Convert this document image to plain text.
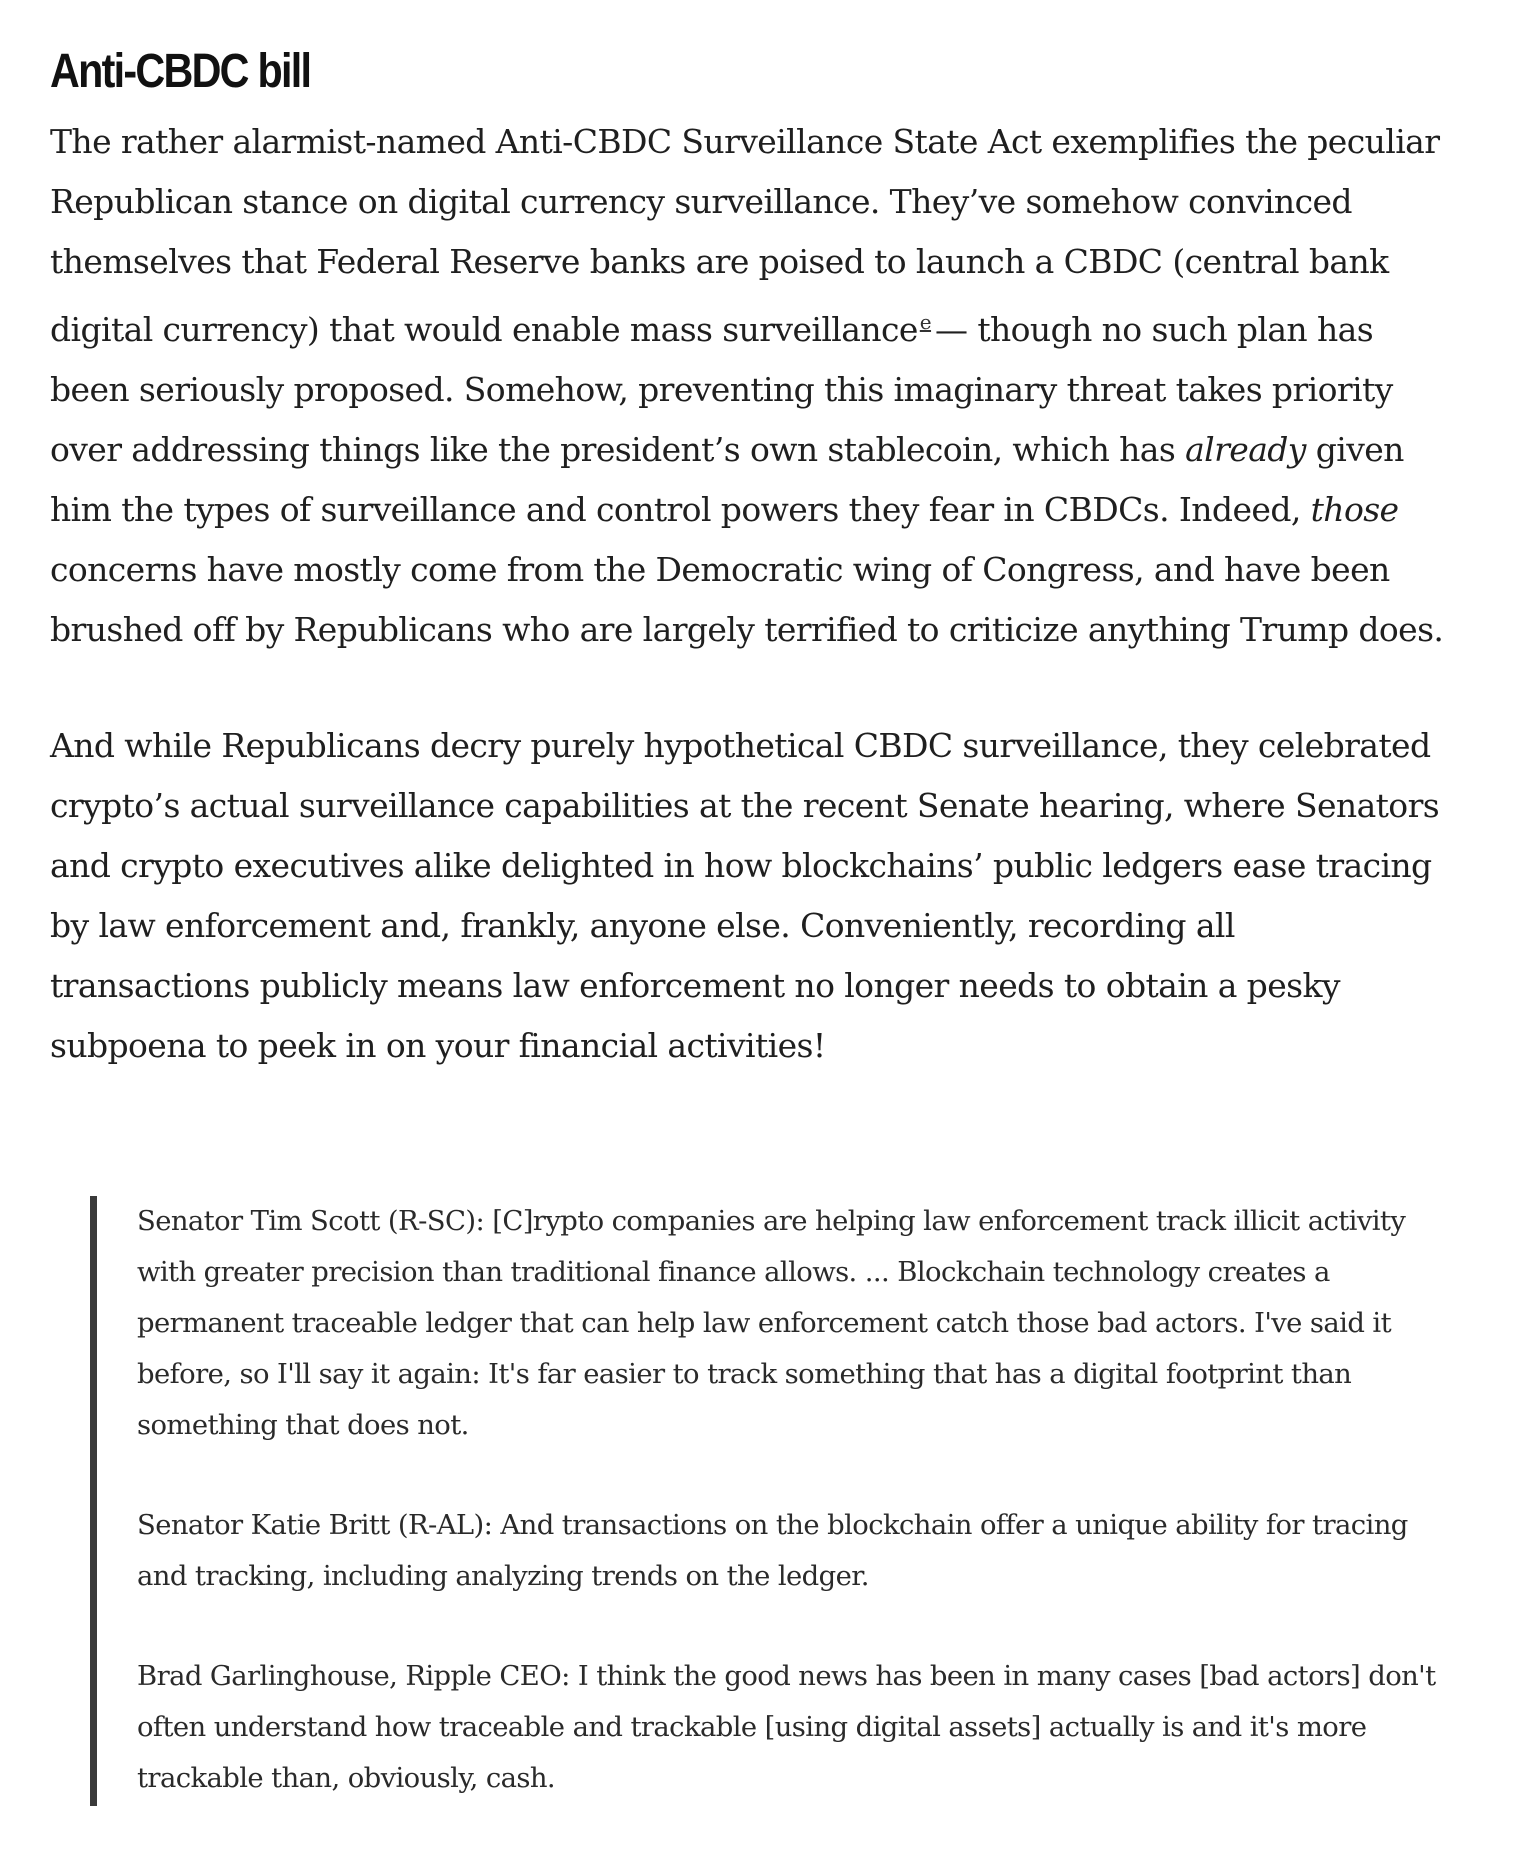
Anti-CBDC bill

The rather alarmist-named Anti-CBDC Surveillance State Act exemplifies the peculiar
Republican stance on digital currency surveillance. They’ve somehow convinced
themselves that Federal Reserve banks are poised to launch a CBDC (central bank
digital currency) that would enable mass surveillance $^e$ — though no such plan has
been seriously proposed. Somehow, preventing this imaginary threat takes priority
over addressing things like the president’s own stablecoin, which has already given
him the types of surveillance and control powers they fear in CBDCs. Indeed, those
concerns have mostly come from the Democratic wing of Congress, and have been
brushed off by Republicans who are largely terrified to criticize anything Trump does.

And while Republicans decry purely hypothetical CBDC surveillance, they celebrated
crypto’s actual surveillance capabilities at the recent Senate hearing, where Senators
and crypto executives alike delighted in how blockchains’ public ledgers ease tracing
by law enforcement and, frankly, anyone else. Conveniently, recording all
transactions publicly means law enforcement no longer needs to obtain a pesky
subpoena to peek in on your financial activities!

Senator Tim Scott (R-SC): [C]rypto companies are helping law enforcement track illicit activity
with greater precision than traditional finance allows. ... Blockchain technology creates a
permanent traceable ledger that can help law enforcement catch those bad actors. I've said it
before, so I'll say it again: It's far easier to track something that has a digital footprint than
something that does not.

Senator Katie Britt (R-AL): And transactions on the blockchain offer a unique ability for tracing
and tracking, including analyzing trends on the ledger.

Brad Garlinghouse, Ripple CEO: I think the good news has been in many cases [bad actors] don't
often understand how traceable and trackable [using digital assets] actually is and it's more
trackable than, obviously, cash.
